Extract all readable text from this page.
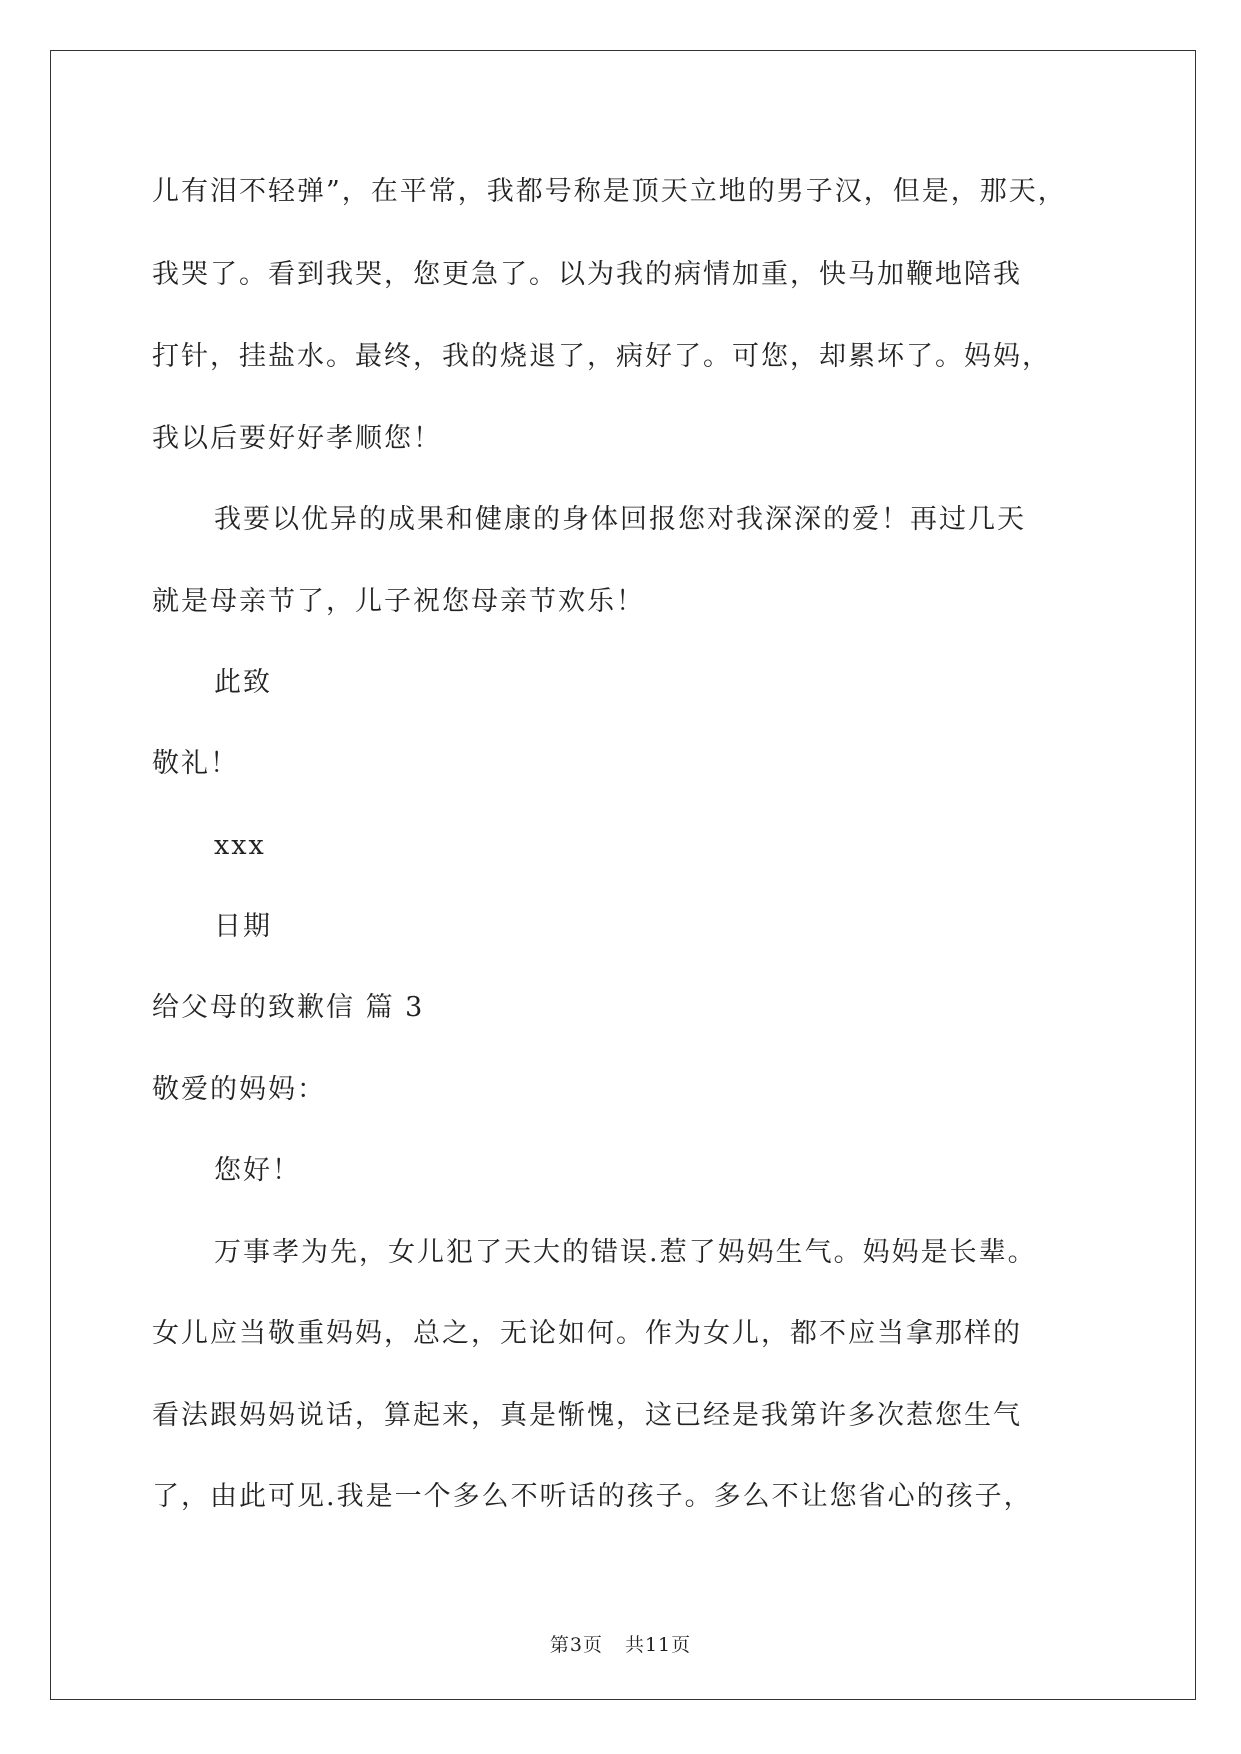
儿有泪不轻弹”，在平常，我都号称是顶天立地的男子汉，但是，那天，
我哭了。看到我哭，您更急了。以为我的病情加重，快马加鞭地陪我
打针，挂盐水。最终，我的烧退了，病好了。可您，却累坏了。妈妈，
我以后要好好孝顺您！
我要以优异的成果和健康的身体回报您对我深深的爱！再过几天
就是母亲节了，儿子祝您母亲节欢乐！
此致
敬礼！
xxx
日期
给父母的致歉信 篇 3
敬爱的妈妈：
您好！
万事孝为先，女儿犯了天大的错误.惹了妈妈生气。妈妈是长辈。
女儿应当敬重妈妈，总之，无论如何。作为女儿，都不应当拿那样的
看法跟妈妈说话，算起来，真是惭愧，这已经是我第许多次惹您生气
了，由此可见.我是一个多么不听话的孩子。多么不让您省心的孩子，
第3页 共11页
